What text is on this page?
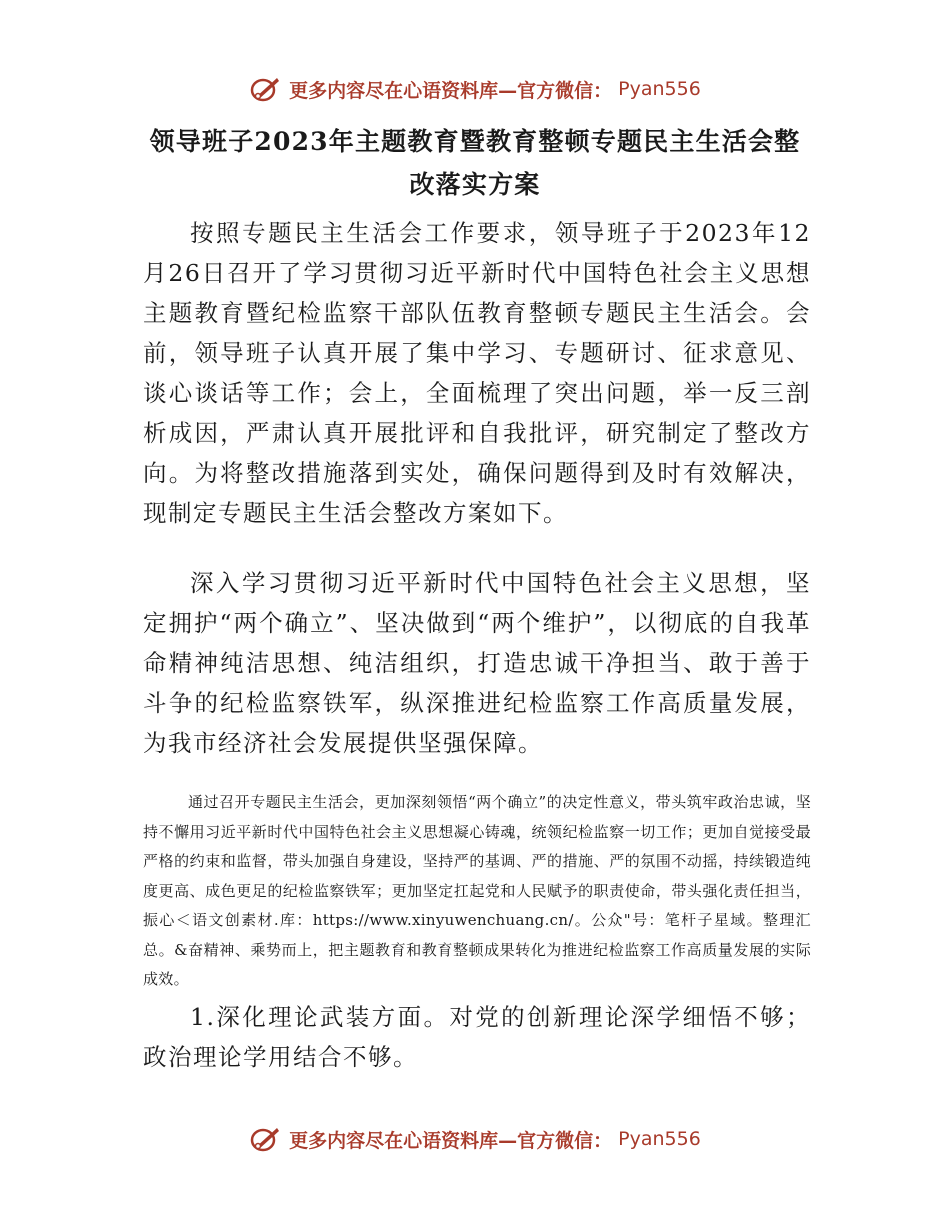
更多内容尽在心语资料库—官方微信： Pyan556
领导班子2023年主题教育暨教育整顿专题民主生活会整改落实方案

按照专题民主生活会工作要求，领导班子于2023年12月26日召开了学习贯彻习近平新时代中国特色社会主义思想主题教育暨纪检监察干部队伍教育整顿专题民主生活会。会前，领导班子认真开展了集中学习、专题研讨、征求意见、谈心谈话等工作；会上，全面梳理了突出问题，举一反三剖析成因，严肃认真开展批评和自我批评，研究制定了整改方向。为将整改措施落到实处，确保问题得到及时有效解决，现制定专题民主生活会整改方案如下。

深入学习贯彻习近平新时代中国特色社会主义思想，坚定拥护“两个确立”、坚决做到“两个维护”，以彻底的自我革命精神纯洁思想、纯洁组织，打造忠诚干净担当、敢于善于斗争的纪检监察铁军，纵深推进纪检监察工作高质量发展，为我市经济社会发展提供坚强保障。

通过召开专题民主生活会，更加深刻领悟“两个确立”的决定性意义，带头筑牢政治忠诚，坚持不懈用习近平新时代中国特色社会主义思想凝心铸魂，统领纪检监察一切工作；更加自觉接受最严格的约束和监督，带头加强自身建设，坚持严的基调、严的措施、严的氛围不动摇，持续锻造纯度更高、成色更足的纪检监察铁军；更加坚定扛起党和人民赋予的职责使命，带头强化责任担当，振心＜语文创素材.库：https://www.xinyuwenchuang.cn/。公众"号：笔杆子星域。整理汇总。&奋精神、乘势而上，把主题教育和教育整顿成果转化为推进纪检监察工作高质量发展的实际成效。

1.深化理论武装方面。对党的创新理论深学细悟不够；政治理论学用结合不够。

更多内容尽在心语资料库—官方微信： Pyan556
